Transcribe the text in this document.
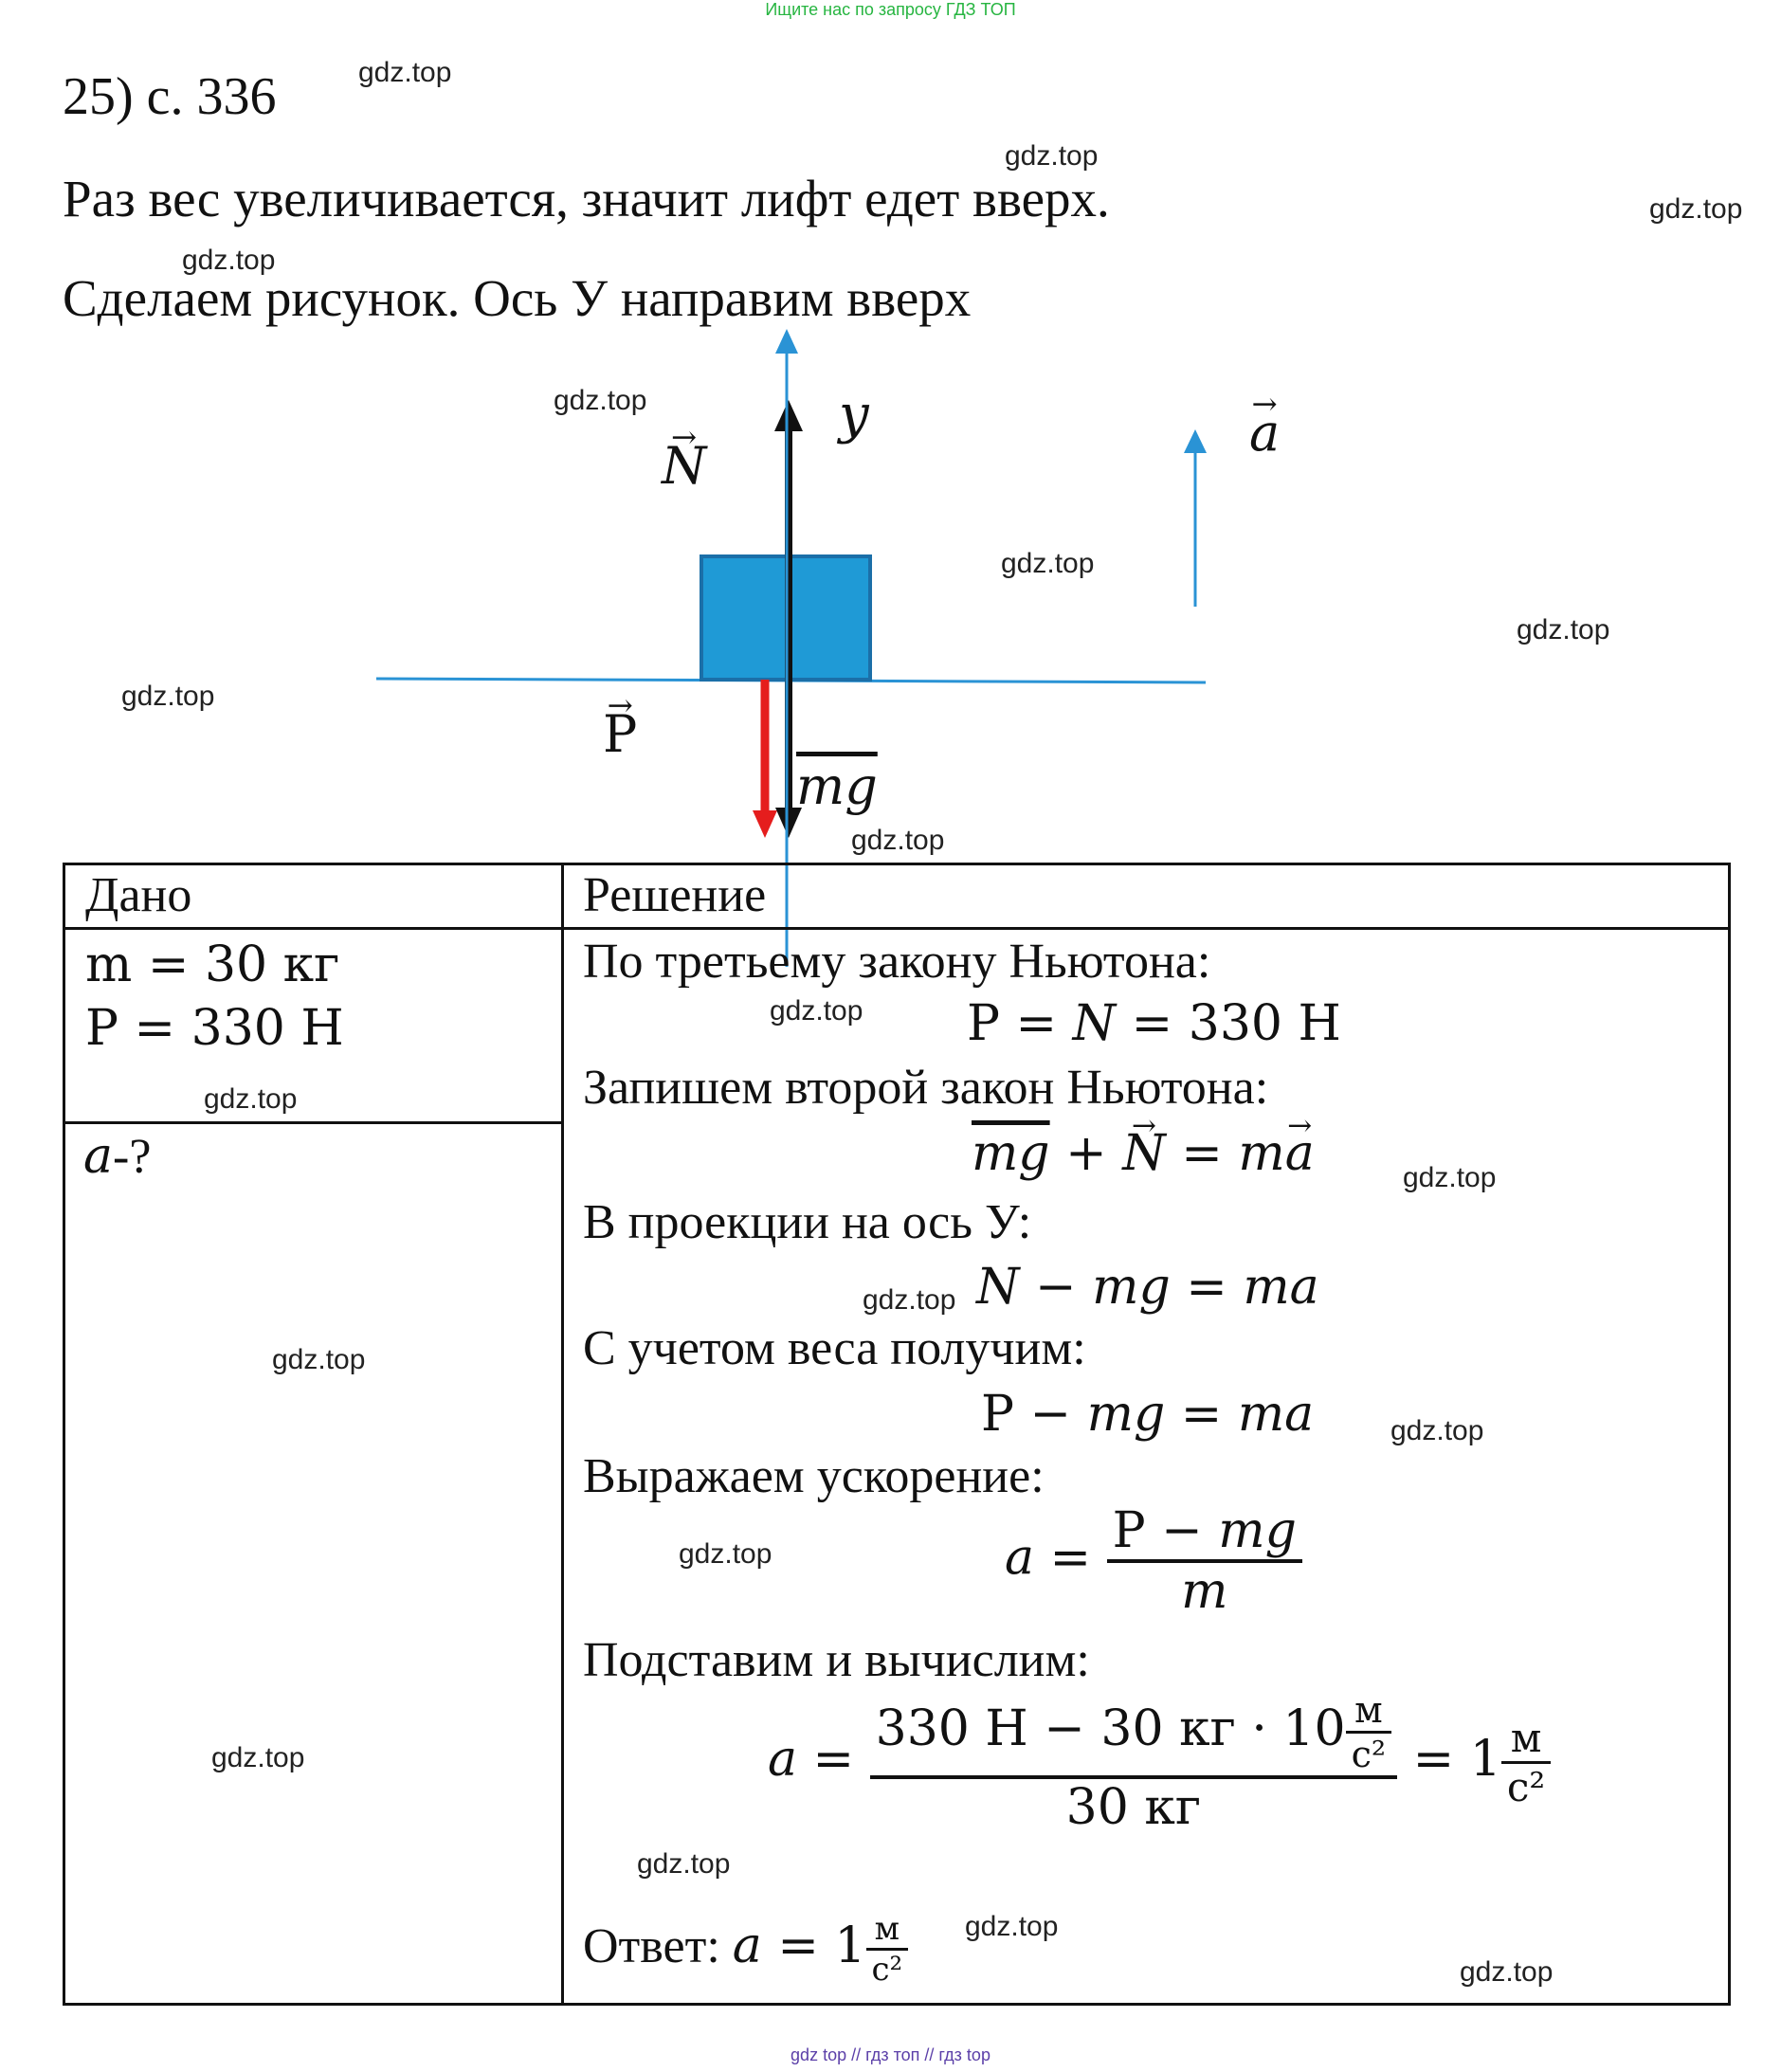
Ищите нас по запросу ГДЗ ТОП
25) с. 336
Раз вес увеличивается, значит лифт едет вверх.
Сделаем рисунок. Ось У направим вверх
y
→ N
→ a
→ P
$\overline{mg}$
Дано	Решение
m = 30 кг
P = 330 Н
a-?
По третьему закону Ньютона:
P = N = 330 Н
Запишем второй закон Ньютона:
$\overline{mg}$ + → N = m→ a
В проекции на ось У:
N − mg = ma
С учетом веса получим:
P − mg = ma
Выражаем ускорение:
$a = \frac{P - mg}{m}$
Подставим и вычислим:
$a = \frac{330 Н - 30 кг \cdot 10 \frac{м}{\text{с²}}}{30 кг} = 1 \frac{м}{\text{с²}}$
Ответ: $a = 1 \frac{м}{\text{с²}}$
gdz.top
gdz.top
gdz.top
gdz.top
gdz.top
gdz.top
gdz.top
gdz.top
gdz.top
gdz.top
gdz.top
gdz.top
gdz.top
gdz.top
gdz.top
gdz.top
gdz.top
gdz.top
gdz.top
gdz.top
gdz top // гдз топ // гдз top
